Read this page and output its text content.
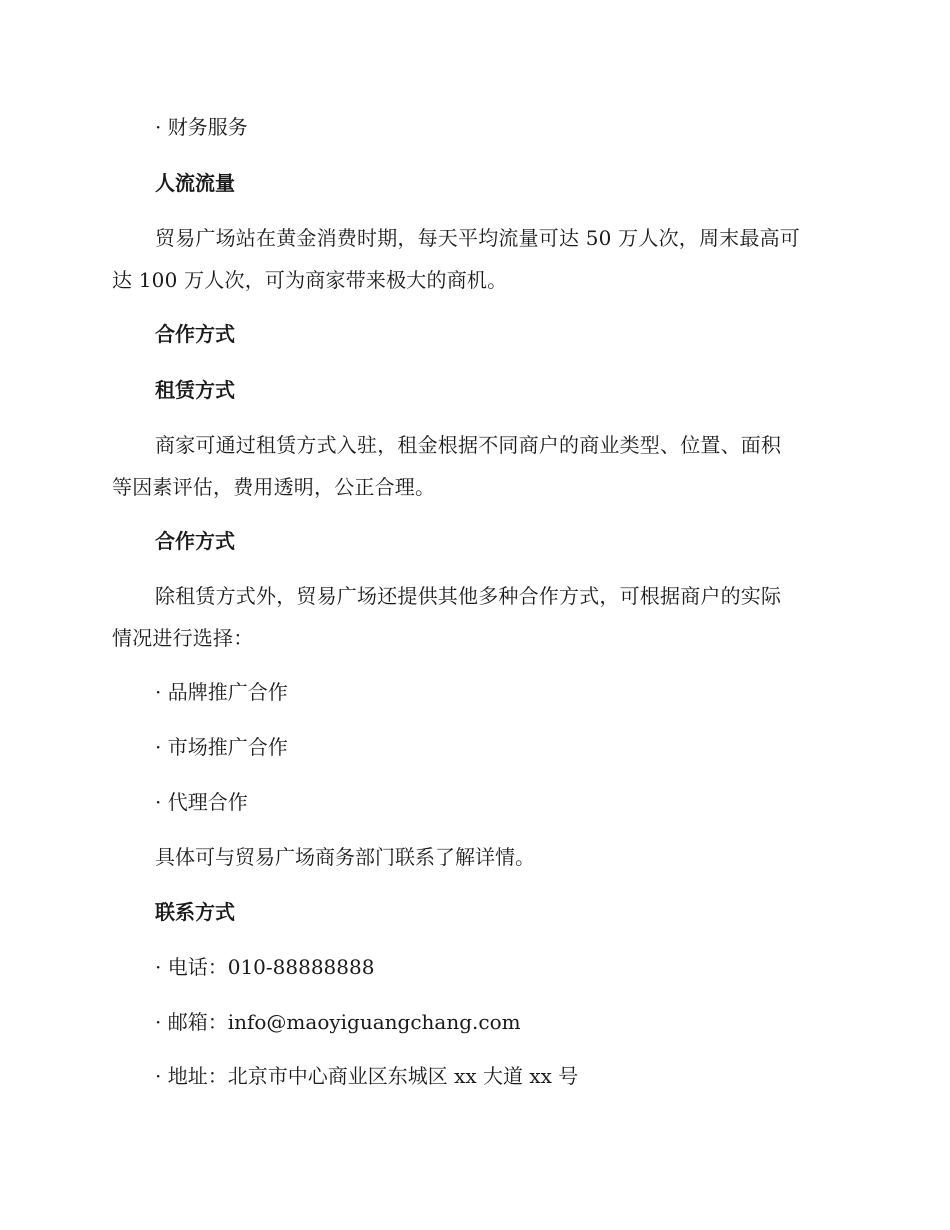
· 财务服务
人流流量
贸易广场站在黄金消费时期，每天平均流量可达 50 万人次，周末最高可
达 100 万人次，可为商家带来极大的商机。
合作方式
租赁方式
商家可通过租赁方式入驻，租金根据不同商户的商业类型、位置、面积
等因素评估，费用透明，公正合理。
合作方式
除租赁方式外，贸易广场还提供其他多种合作方式，可根据商户的实际
情况进行选择：
· 品牌推广合作
· 市场推广合作
· 代理合作
具体可与贸易广场商务部门联系了解详情。
联系方式
· 电话：010-88888888
· 邮箱：info@maoyiguangchang.com
· 地址：北京市中心商业区东城区 xx 大道 xx 号
